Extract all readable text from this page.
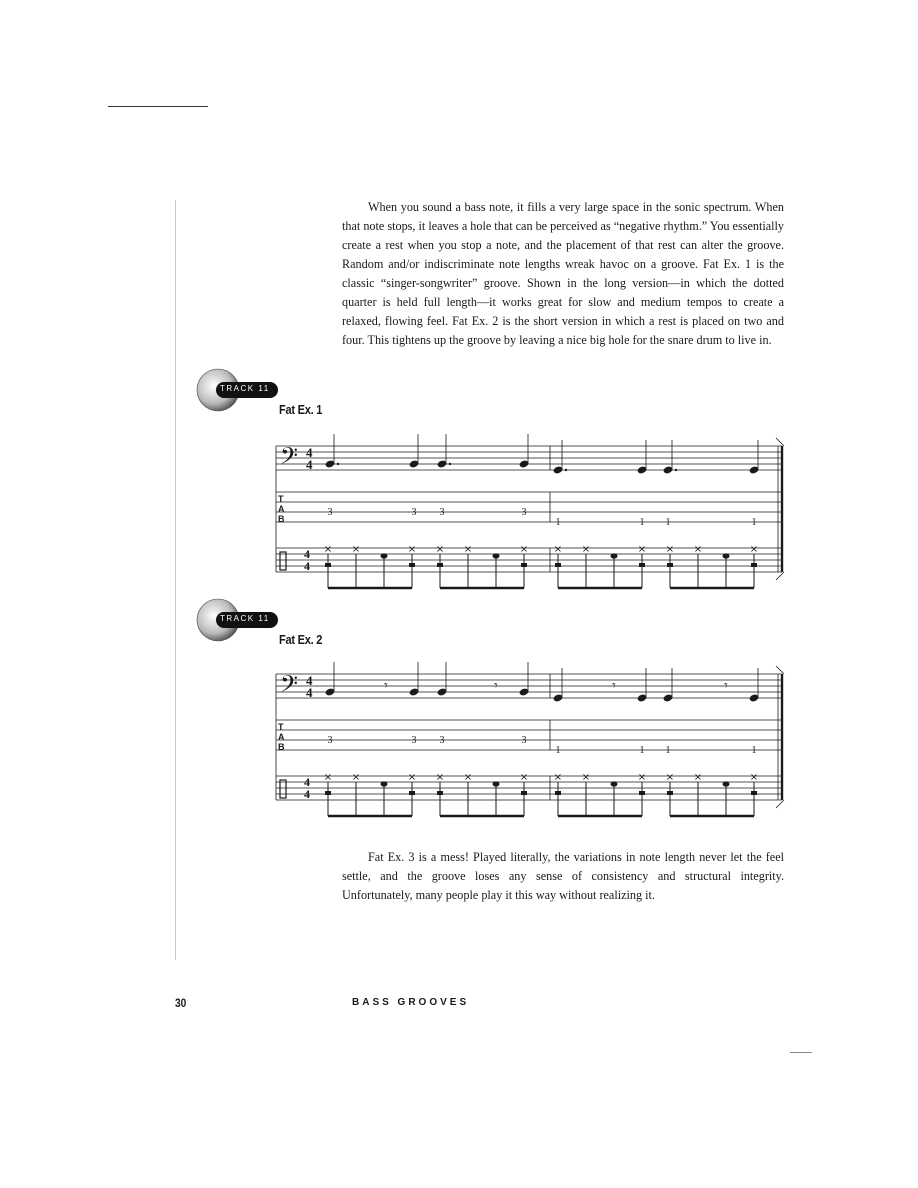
When you sound a bass note, it fills a very large space in the sonic spectrum. When that note stops, it leaves a hole that can be perceived as “negative rhythm.” You essentially create a rest when you stop a note, and the placement of that rest can alter the groove. Random and/or indiscriminate note lengths wreak havoc on a groove. Fat Ex. 1 is the classic “singer-songwriter” groove. Shown in the long version—in which the dotted quarter is held full length—it works great for slow and medium tempos to create a relaxed, flowing feel. Fat Ex. 2 is the short version in which a rest is placed on two and four. This tightens up the groove by leaving a nice big hole for the snare drum to live in.

TRACK 11
Fat Ex. 1
𝄢 4
4
T
A
B
4
4
× ×	× × ×	×	× ×	× × ×	×
3	3 3	3
1	1 1	1
TRACK 11
Fat Ex. 2
𝄢 4
4
T
A
B
4
4
𝄾	𝄾	𝄾	𝄾
× ×	× × ×	×	× ×	× × ×	×
3	3 3	3
1	1 1	1

Fat Ex. 3 is a mess! Played literally, the variations in note length never let the feel settle, and the groove loses any sense of consistency and structural integrity. Unfortunately, many people play it this way without realizing it.

30	BASS GROOVES
